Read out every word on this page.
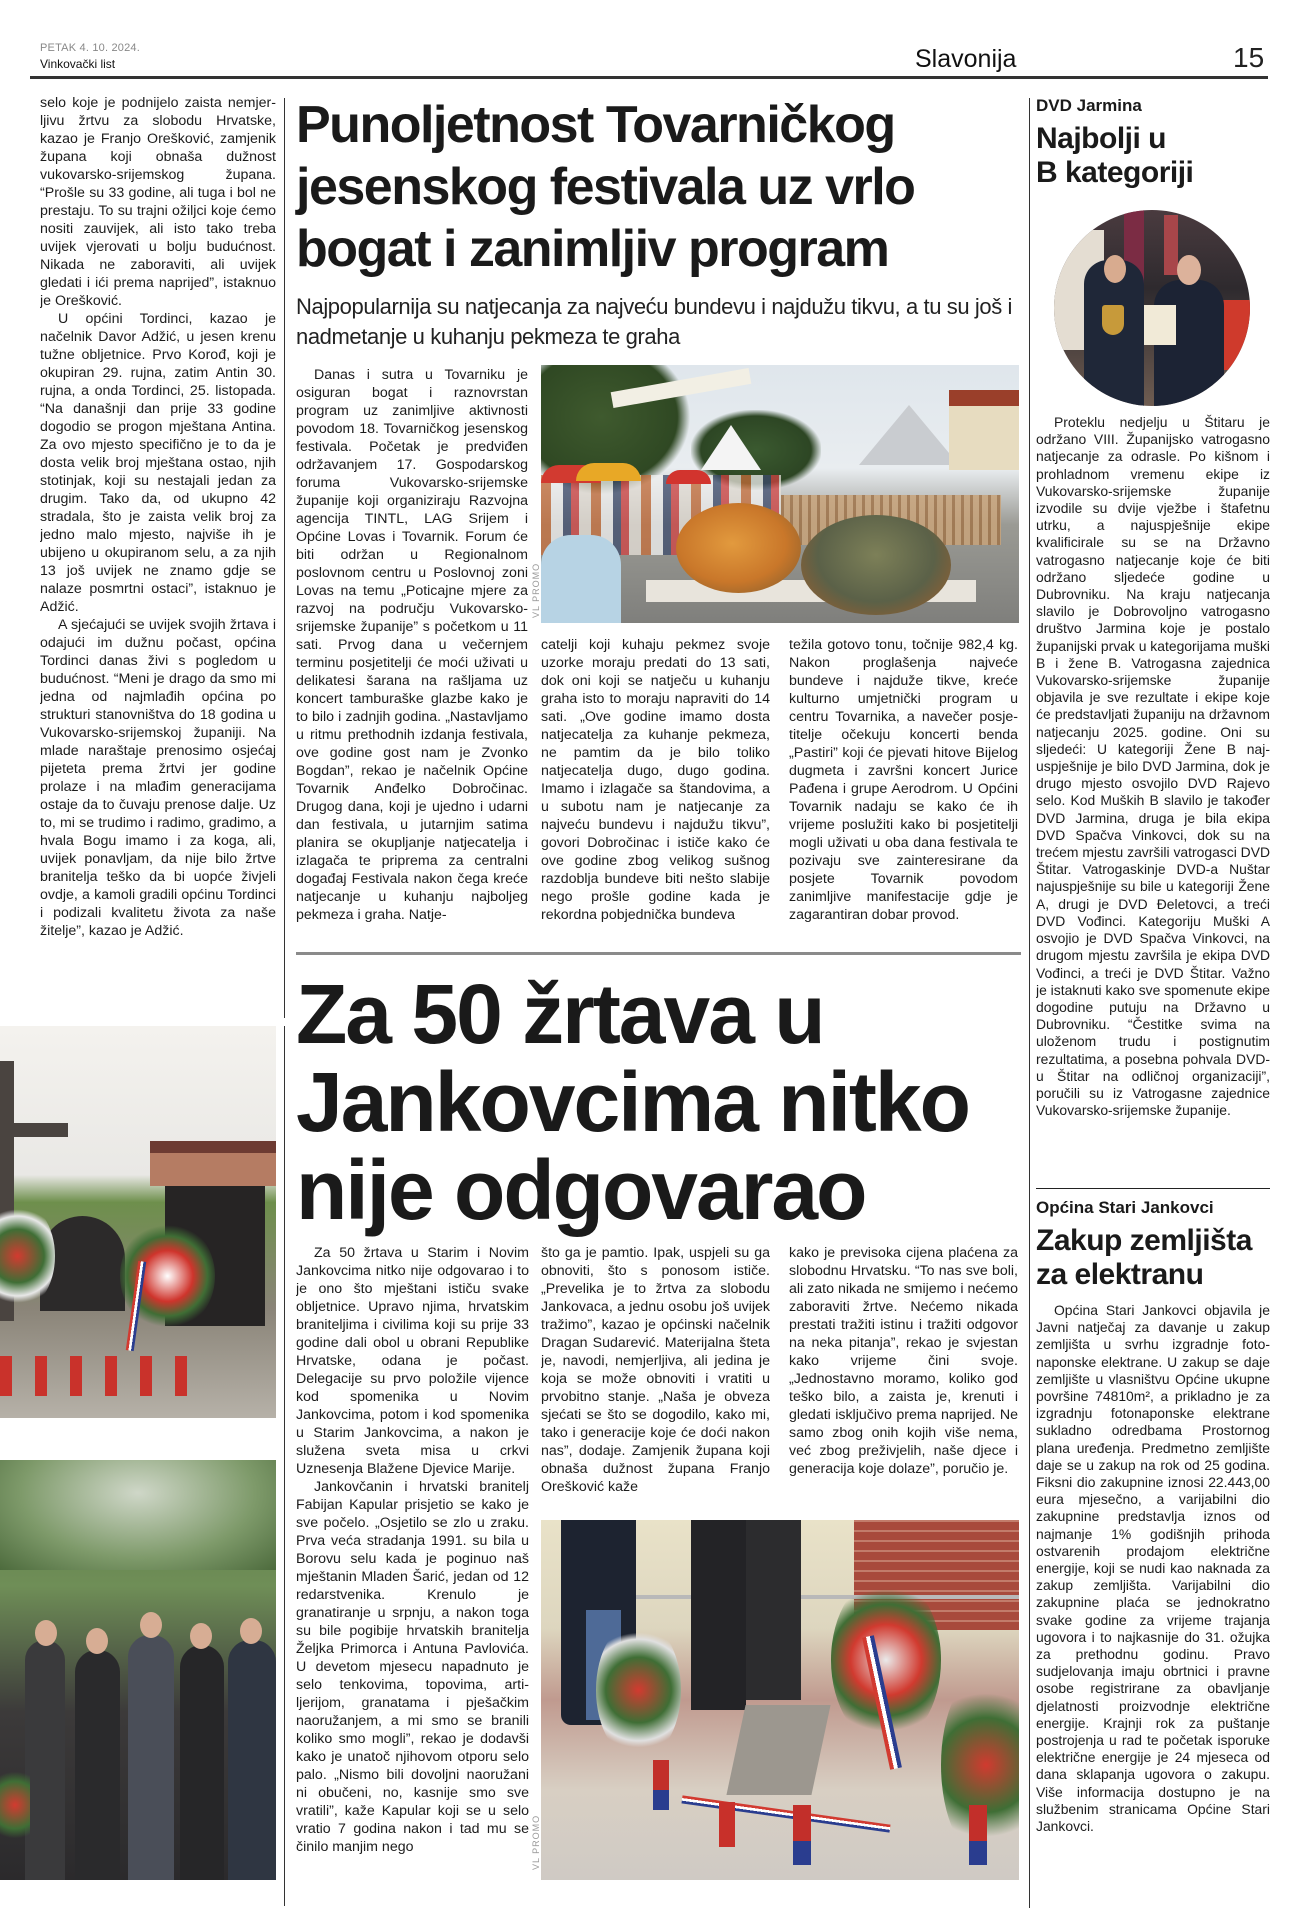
PETAK 4. 10. 2024.
Vinkovački list	Slavonija	15

selo koje je podnijelo zaista nemjerljivu žrtvu za slobodu Hrvatske, kazao je Franjo Orešković, zamjenik župana koji obnaša dužnost vukovarsko-srijemskog župana. “Prošle su 33 godine, ali tuga i bol ne prestaju. To su trajni ožiljci koje ćemo nositi zauvijek, ali isto tako treba uvijek vjerovati u bolju budućnost. Nikada ne zaboraviti, ali uvijek gledati i ići prema naprijed”, istaknuo je Orešković.

U općini Tordinci, kazao je načelnik Davor Adžić, u jesen krenu tužne obljetnice. Prvo Korođ, koji je okupiran 29. rujna, zatim Antin 30. rujna, a onda Tordinci, 25. listopada. “Na današnji dan prije 33 godine dogodio se progon mještana Antina. Za ovo mjesto specifično je to da je dosta velik broj mještana ostao, njih stotinjak, koji su nestajali jedan za drugim. Tako da, od ukupno 42 stradala, što je zaista velik broj za jedno malo mjesto, najviše ih je ubijeno u okupiranom selu, a za njih 13 još uvijek ne znamo gdje se nalaze posmrtni ostaci”, istaknuo je Adžić.

A sjećajući se uvijek svojih žrtava i odajući im dužnu počast, općina Tordinci danas živi s pogledom u budućnost. “Meni je drago da smo mi jedna od najmlađih općina po strukturi stanovništva do 18 godina u Vukovarsko-srijemskoj županiji. Na mlade naraštaje prenosimo osjećaj pijeteta prema žrtvi jer godine prolaze i na mlađim generacijama ostaje da to čuvaju prenose dalje. Uz to, mi se trudimo i radimo, gradimo, a hvala Bogu imamo i za koga, ali, uvijek ponavljam, da nije bilo žrtve branitelja teško da bi uopće živjeli ovdje, a kamoli gradili općinu Tordinci i podizali kvalitetu života za naše žitelje”, kazao je Adžić.

Punoljetnost Tovarničkog
jesenskog festivala uz vrlo
bogat i zanimljiv program
Najpopularnija su natjecanja za najveću bundevu i najdužu tikvu, a tu su još i nadmetanje u kuhanju pekmeza te graha

Danas i sutra u Tovarniku je osiguran bogat i raznovrstan program uz zanimljive aktivnosti povodom 18. Tovarničkog jesenskog festivala. Početak je predviđen održavanjem 17. Gospodarskog foruma Vukovarsko-srijemske županije koji organiziraju Razvojna agencija TINTL, LAG Srijem i Općine Lovas i Tovarnik. Forum će biti održan u Regionalnom poslovnom centru u Poslovnoj zoni Lovas na temu „Poticajne mjere za razvoj na području Vukovarsko-srijemske županije” s početkom u 11 sati. Prvog dana u večernjem terminu posjetitelji će moći uživati u delikatesi šarana na rašljama uz koncert tamburaške glazbe kako je to bilo i zadnjih godina. „Nastavljamo u ritmu prethodnih izdanja festivala, ove godine gost nam je Zvonko Bogdan”, rekao je načelnik Općine Tovarnik Anđelko Dobročinac. Drugog dana, koji je ujedno i udarni dan festivala, u jutarnjim satima planira se okupljanje natjecatelja i izlagača te priprema za centralni događaj Festivala nakon čega kreće natjecanje u kuhanju najboljeg pekmeza i graha. Natje-

VL PROMO

catelji koji kuhaju pekmez svoje uzorke moraju predati do 13 sati, dok oni koji se natječu u kuhanju graha isto to moraju napraviti do 14 sati. „Ove godine imamo dosta natjecatelja za kuhanje pekmeza, ne pamtim da je bilo toliko natjecatelja dugo, dugo godina. Imamo i izlagače sa štandovima, a u subotu nam je natjecanje za najveću bundevu i najdužu tikvu”, govori Dobročinac i ističe kako će ove godine zbog velikog sušnog razdoblja bundeve biti nešto slabije nego prošle godine kada je rekordna pobjednička bundeva

težila gotovo tonu, točnije 982,4 kg. Nakon proglašenja najveće bundeve i najduže tikve, kreće kulturno umjetnički program u centru Tovarnika, a navečer posjetitelje očekuju koncerti benda „Pastiri” koji će pjevati hitove Bijelog dugmeta i završni koncert Jurice Pađena i grupe Aerodrom. U Općini Tovarnik nadaju se kako će ih vrijeme poslužiti kako bi posjetitelji mogli uživati u oba dana festivala te pozivaju sve zainteresirane da posjete Tovarnik povodom zanimljive manifestacije gdje je zagarantiran dobar provod.

Za 50 žrtava u
Jankovcima nitko
nije odgovarao

Za 50 žrtava u Starim i Novim Jankovcima nitko nije odgovarao i to je ono što mještani ističu svake obljetnice. Upravo njima, hrvatskim braniteljima i civilima koji su prije 33 godine dali obol u obrani Republike Hrvatske, odana je počast. Delegacije su prvo položile vijence kod spomenika u Novim Jankovcima, potom i kod spomenika u Starim Jankovcima, a nakon je služena sveta misa u crkvi Uznesenja Blažene Djevice Marije.

Jankovčanin i hrvatski branitelj Fabijan Kapular prisjetio se kako je sve počelo. „Osjetilo se zlo u zraku. Prva veća stradanja 1991. su bila u Borovu selu kada je poginuo naš mještanin Mladen Šarić, jedan od 12 redarstvenika. Krenulo je granatiranje u srpnju, a nakon toga su bile pogibije hrvatskih branitelja Željka Primorca i Antuna Pavlovića. U devetom mjesecu napadnuto je selo tenkovima, topovima, artiljerijom, granatama i pješačkim naoružanjem, a mi smo se branili koliko smo mogli”, rekao je dodavši kako je unatoč njihovom otporu selo palo. „Nismo bili dovoljni naoružani ni obučeni, no, kasnije smo sve vratili”, kaže Kapular koji se u selo vratio 7 godina nakon i tad mu se činilo manjim nego	VL PROMO

što ga je pamtio. Ipak, uspjeli su ga obnoviti, što s ponosom ističe. „Prevelika je to žrtva za slobodu Jankovaca, a jednu osobu još uvijek tražimo”, kazao je općinski načelnik Dragan Sudarević. Materijalna šteta je, navodi, nemjerljiva, ali jedina je koja se može obnoviti i vratiti u prvobitno stanje. „Naša je obveza sjećati se što se dogodilo, kako mi, tako i generacije koje će doći nakon nas”, dodaje. Zamjenik župana koji obnaša dužnost župana Franjo Orešković kaže

kako je previsoka cijena plaćena za slobodnu Hrvatsku. “To nas sve boli, ali zato nikada ne smijemo i nećemo zaboraviti žrtve. Nećemo nikada prestati tražiti istinu i tražiti odgovor na neka pitanja”, rekao je svjestan kako vrijeme čini svoje. „Jednostavno moramo, koliko god teško bilo, a zaista je, krenuti i gledati isključivo prema naprijed. Ne samo zbog onih kojih više nema, već zbog preživjelih, naše djece i generacija koje dolaze”, poručio je.

DVD Jarmina
Najbolji u
B kategoriji

Proteklu nedjelju u Štitaru je održano VIII. Županijsko vatrogasno natjecanje za odrasle. Po kišnom i prohladnom vremenu ekipe iz Vukovarsko-srijemske županije izvodile su dvije vježbe i štafetnu utrku, a najuspješnije ekipe kvalificirale su se na Državno vatrogasno natjecanje koje će biti održano sljedeće godine u Dubrovniku. Na kraju natjecanja slavilo je Dobrovoljno vatrogasno društvo Jarmina koje je postalo županijski prvak u kategorijama muški B i žene B. Vatrogasna zajednica Vukovarsko-srijemske županije objavila je sve rezultate i ekipe koje će predstavljati županiju na državnom natjecanju 2025. godine. Oni su sljedeći: U kategoriji Žene B najuspješnije je bilo DVD Jarmina, dok je drugo mjesto osvojilo DVD Rajevo selo. Kod Muških B slavilo je također DVD Jarmina, druga je bila ekipa DVD Spačva Vinkovci, dok su na trećem mjestu završili vatrogasci DVD Štitar. Vatrogaskinje DVD-a Nuštar najuspješnije su bile u kategoriji Žene A, drugi je DVD Đeletovci, a treći DVD Vođinci. Kategoriju Muški A osvojio je DVD Spačva Vinkovci, na drugom mjestu završila je ekipa DVD Vođinci, a treći je DVD Štitar. Važno je istaknuti kako sve spomenute ekipe dogodine putuju na Državno u Dubrovniku. “Čestitke svima na uloženom trudu i postignutim rezultatima, a posebna pohvala DVD-u Štitar na odličnoj organizaciji”, poručili su iz Vatrogasne zajednice Vukovarsko-srijemske županije.

Općina Stari Jankovci
Zakup zemljišta
za elektranu

Općina Stari Jankovci objavila je Javni natječaj za davanje u zakup zemljišta u svrhu izgradnje fotonaponske elektrane. U zakup se daje zemljište u vlasništvu Općine ukupne površine 74810m², a prikladno je za izgradnju fotonaponske elektrane sukladno odredbama Prostornog plana uređenja. Predmetno zemljište daje se u zakup na rok od 25 godina. Fiksni dio zakupnine iznosi 22.443,00 eura mjesečno, a varijabilni dio zakupnine predstavlja iznos od najmanje 1% godišnjih prihoda ostvarenih prodajom električne energije, koji se nudi kao naknada za zakup zemljišta. Varijabilni dio zakupnine plaća se jednokratno svake godine za vrijeme trajanja ugovora i to najkasnije do 31. ožujka za prethodnu godinu. Pravo sudjelovanja imaju obrtnici i pravne osobe registrirane za obavljanje djelatnosti proizvodnje električne energije. Krajnji rok za puštanje postrojenja u rad te početak isporuke električne energije je 24 mjeseca od dana sklapanja ugovora o zakupu. Više informacija dostupno je na službenim stranicama Općine Stari Jankovci.
